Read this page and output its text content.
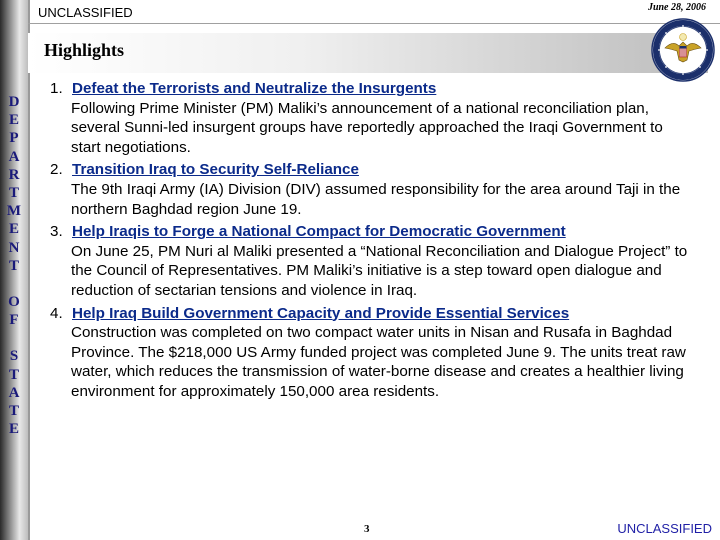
D
E
P
A
R
T
M
E
N
T
O
F
S
T
A
T
E
UNCLASSIFIED	June 28, 2006
Highlights
1. Defeat the Terrorists and Neutralize the Insurgents
Following Prime Minister (PM) Maliki’s announcement of a national reconciliation plan, several Sunni-led insurgent groups have reportedly approached the Iraqi Government to start negotiations.
2. Transition Iraq to Security Self-Reliance
The 9th Iraqi Army (IA) Division (DIV) assumed responsibility for the area around Taji in the northern Baghdad region June 19.
3. Help Iraqis to Forge a National Compact for Democratic Government
On June 25, PM Nuri al Maliki presented a “National Reconciliation and Dialogue Project” to the Council of Representatives. PM Maliki’s initiative is a step toward open dialogue and reduction of sectarian tensions and violence in Iraq.
4. Help Iraq Build Government Capacity and Provide Essential Services
Construction was completed on two compact water units in Nisan and Rusafa in Baghdad Province. The $218,000 US Army funded project was completed June 9. The units treat raw water, which reduces the transmission of water-borne disease and creates a healthier living environment for approximately 150,000 area residents.
3	UNCLASSIFIED
